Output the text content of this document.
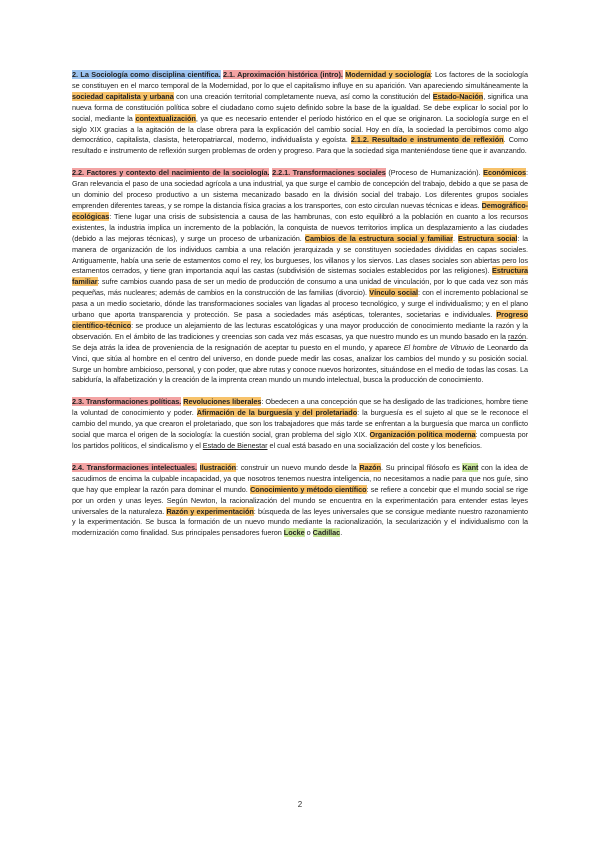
2. La Sociología como disciplina científica. 2.1. Aproximación histórica (intro). Modernidad y sociología: Los factores de la sociología se constituyen en el marco temporal de la Modernidad, por lo que el capitalismo influye en su aparición. Van apareciendo simultáneamente la sociedad capitalista y urbana con una creación territorial completamente nueva, así como la constitución del Estado-Nación, significa una nueva forma de constitución política sobre el ciudadano como sujeto definido sobre la base de la igualdad. Se debe explicar lo social por lo social, mediante la contextualización, ya que es necesario entender el período histórico en el que se originaron. La sociología surge en el siglo XIX gracias a la agitación de la clase obrera para la explicación del cambio social. Hoy en día, la sociedad la percibimos como algo democrático, capitalista, clasista, heteropatriarcal, moderno, individualista y egoísta. 2.1.2. Resultado e instrumento de reflexión. Como resultado e instrumento de reflexión surgen problemas de orden y progreso. Para que la sociedad siga manteniéndose tiene que ir avanzando.

2.2. Factores y contexto del nacimiento de la sociología. 2.2.1. Transformaciones sociales (Proceso de Humanización). Económicos: Gran relevancia el paso de una sociedad agrícola a una industrial, ya que surge el cambio de concepción del trabajo, debido a que se pasa de un dominio del proceso productivo a un sistema mecanizado basado en la división social del trabajo. Los diferentes grupos sociales emprenden diferentes tareas, y se rompe la distancia física gracias a los transportes, con esto circulan nuevas técnicas e ideas. Demográfico-ecológicas: Tiene lugar una crisis de subsistencia a causa de las hambrunas, con esto equilibró a la población en cuanto a los recursos existentes, la industria implica un incremento de la población, la conquista de nuevos territorios implica un desplazamiento a las ciudades (debido a las mejoras técnicas), y surge un proceso de urbanización. Cambios de la estructura social y familiar. Estructura social: la manera de organización de los individuos cambia a una relación jerarquizada y se constituyen sociedades divididas en capas sociales. Antiguamente, había una serie de estamentos como el rey, los burgueses, los villanos y los siervos. Las clases sociales son abiertas pero los estamentos cerrados, y tiene gran importancia aquí las castas (subdivisión de sistemas sociales establecidos por las religiones). Estructura familiar: sufre cambios cuando pasa de ser un medio de producción de consumo a una unidad de vinculación, por lo que cada vez son más pequeñas, más nucleares; además de cambios en la construcción de las familias (divorcio). Vínculo social: con el incremento poblacional se pasa a un medio societario, dónde las transformaciones sociales van ligadas al proceso tecnológico, y surge el individualismo; y en el plano urbano que aporta transparencia y protección. Se pasa a sociedades más asépticas, tolerantes, societarias e individuales. Progreso científico-técnico: se produce un alejamiento de las lecturas escatológicas y una mayor producción de conocimiento mediante la razón y la observación. En el ámbito de las tradiciones y creencias son cada vez más escasas, ya que nuestro mundo es un mundo basado en la razón. Se deja atrás la idea de proveniencia de la resignación de aceptar tu puesto en el mundo, y aparece El hombre de Vitruvio de Leonardo da Vinci, que sitúa al hombre en el centro del universo, en donde puede medir las cosas, analizar los cambios del mundo y su posición social. Surge un hombre ambicioso, personal, y con poder, que abre rutas y conoce nuevos horizontes, situándose en el medio de todas las cosas. La sabiduría, la alfabetización y la creación de la imprenta crean mundo un mundo intelectual, busca la producción de conocimiento.

2.3. Transformaciones políticas. Revoluciones liberales: Obedecen a una concepción que se ha desligado de las tradiciones, hombre tiene la voluntad de conocimiento y poder. Afirmación de la burguesía y del proletariado: la burguesía es el sujeto al que se le reconoce el cambio del mundo, ya que crearon el proletariado, que son los trabajadores que más tarde se enfrentan a la burguesía que marca un conflicto social que marca el origen de la sociología: la cuestión social, gran problema del siglo XIX. Organización política moderna: compuesta por los partidos políticos, el sindicalismo y el Estado de Bienestar el cual está basado en una socialización del coste y los beneficios.

2.4. Transformaciones intelectuales. Ilustración: construir un nuevo mundo desde la Razón. Su principal filósofo es Kant con la idea de sacudimos de encima la culpable incapacidad, ya que nosotros tenemos nuestra inteligencia, no necesitamos a nadie para que nos guíe, sino que hay que emplear la razón para dominar el mundo. Conocimiento y método científico: se refiere a concebir que el mundo social se rige por un orden y unas leyes. Según Newton, la racionalización del mundo se encuentra en la experimentación para entender estas leyes universales de la naturaleza. Razón y experimentación: búsqueda de las leyes universales que se consigue mediante nuestro razonamiento y la experimentación. Se busca la formación de un nuevo mundo mediante la racionalización, la secularización y el individualismo con la modernización como finalidad. Sus principales pensadores fueron Locke o Cadillac.

2
